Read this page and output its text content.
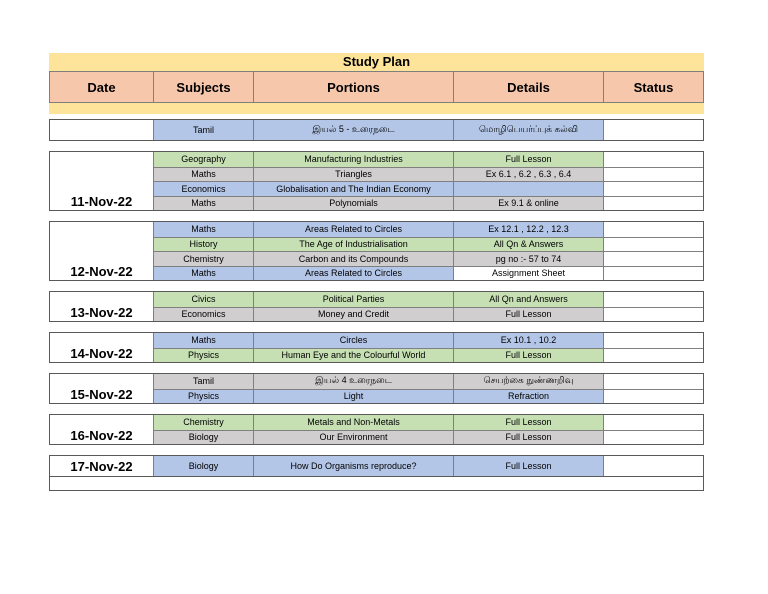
Study Plan
Date	Subjects	Portions	Details	Status
Tamil	இயல் 5 - உரைநடை	மொழிபெயர்ப்புக் கல்வி
11-Nov-22
Geography	Manufacturing Industries	Full Lesson
Maths	Triangles	Ex 6.1 , 6.2 , 6.3 , 6.4
Economics	Globalisation and The Indian Economy
Maths	Polynomials	Ex 9.1 & online
12-Nov-22
Maths	Areas Related to Circles	Ex 12.1 , 12.2 , 12.3
History	The Age of Industrialisation	All Qn & Answers
Chemistry	Carbon and its Compounds	pg no :- 57 to 74
Maths	Areas Related to Circles	Assignment Sheet
13-Nov-22
Civics	Political Parties	All Qn and Answers
Economics	Money and Credit	Full Lesson
14-Nov-22
Maths	Circles	Ex 10.1 , 10.2
Physics	Human Eye and the Colourful World	Full Lesson
15-Nov-22
Tamil	இயல் 4 உரைநடை	செயற்கை நுண்ணறிவு
Physics	Light	Refraction
16-Nov-22
Chemistry	Metals and Non-Metals	Full Lesson
Biology	Our Environment	Full Lesson
17-Nov-22	Biology	How Do Organisms reproduce?	Full Lesson
